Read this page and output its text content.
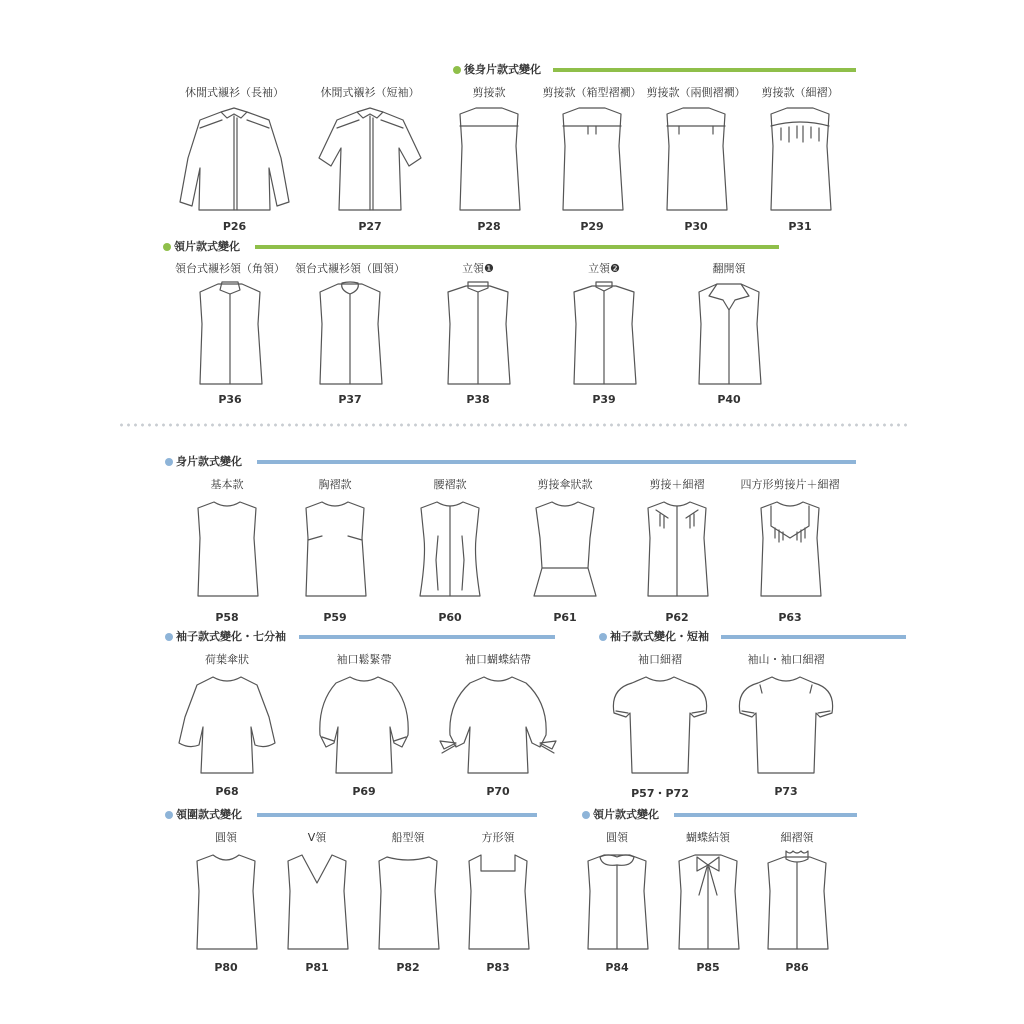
後身片款式變化
休閒式襯衫（長袖）
P26
休閒式襯衫（短袖）
P27
剪接款
P28
剪接款（箱型褶襉）
P29
剪接款（兩側褶襉）
P30
剪接款（細褶）
P31
領片款式變化
領台式襯衫領（角領）
P36
領台式襯衫領（圓領）
P37
立領❶
P38
立領❷
P39
翻開領
P40
身片款式變化
基本款
P58
胸褶款
P59
腰褶款
P60
剪接傘狀款
P61
剪接＋細褶
P62
四方形剪接片＋細褶
P63
袖子款式變化・七分袖	袖子款式變化・短袖
荷葉傘狀
P68
袖口鬆緊帶
P69
袖口蝴蝶結帶
P70
袖口細褶
P57・P72
袖山・袖口細褶
P73
領圍款式變化	領片款式變化
圓領
P80
V領
P81
船型領
P82
方形領
P83
圓領
P84
蝴蝶結領
P85
細褶領
P86
